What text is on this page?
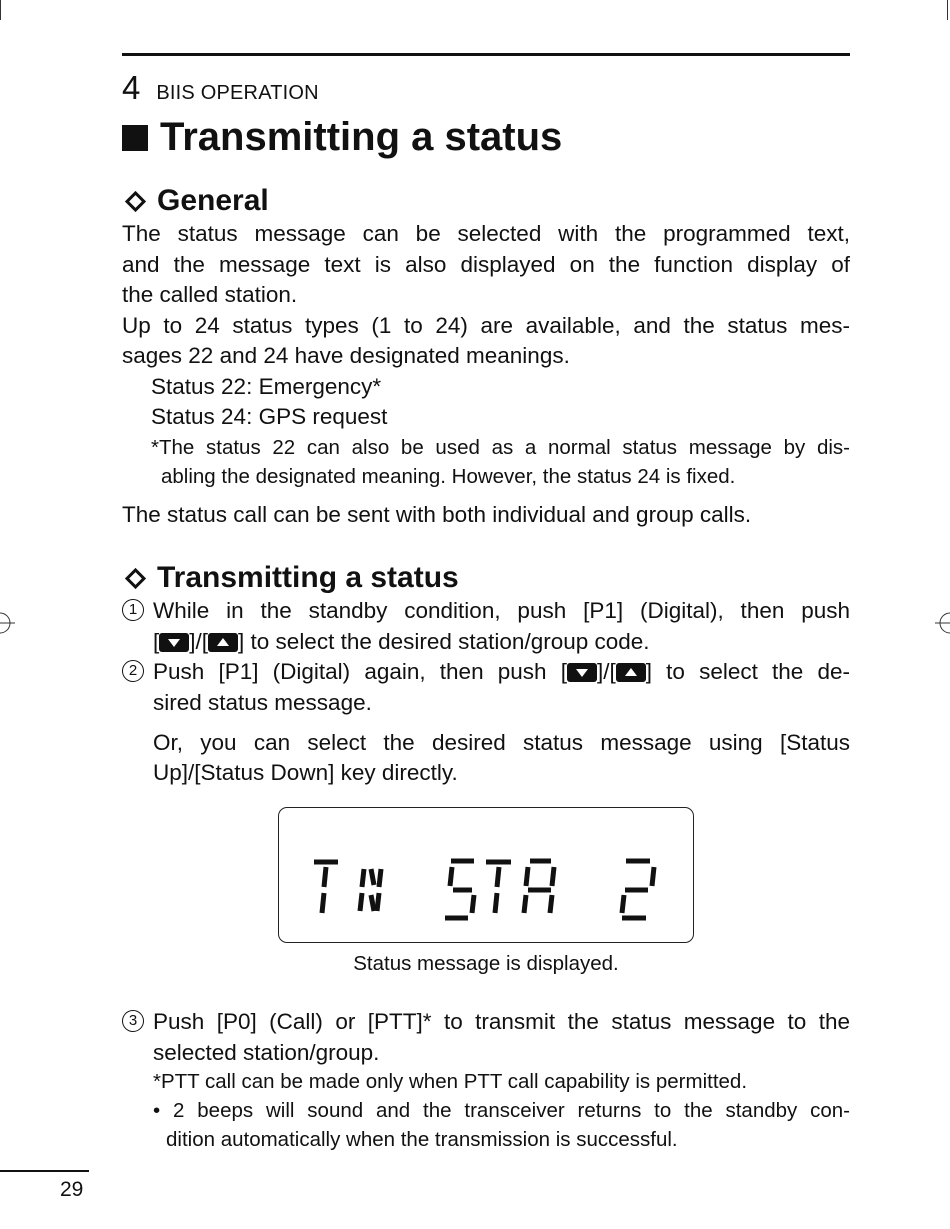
4 BIIS OPERATION
Transmitting a status
General
The status message can be selected with the programmed text,
and the message text is also displayed on the function display of
the called station.
Up to 24 status types (1 to 24) are available, and the status mes-
sages 22 and 24 have designated meanings.
Status 22: Emergency*
Status 24: GPS request
*The status 22 can also be used as a normal status message by dis-
abling the designated meaning. However, the status 24 is fixed.
The status call can be sent with both individual and group calls.
Transmitting a status
1 While in the standby condition, push [P1] (Digital), then push
[ ]/[ ] to select the desired station/group code.
2 Push [P1] (Digital) again, then push [ ]/[ ] to select the de-
sired status message.
Or, you can select the desired status message using [Status
Up]/[Status Down] key directly.
Status message is displayed.
3 Push [P0] (Call) or [PTT]* to transmit the status message to the
selected station/group.
*PTT call can be made only when PTT call capability is permitted.
• 2 beeps will sound and the transceiver returns to the standby con-
dition automatically when the transmission is successful.
29
